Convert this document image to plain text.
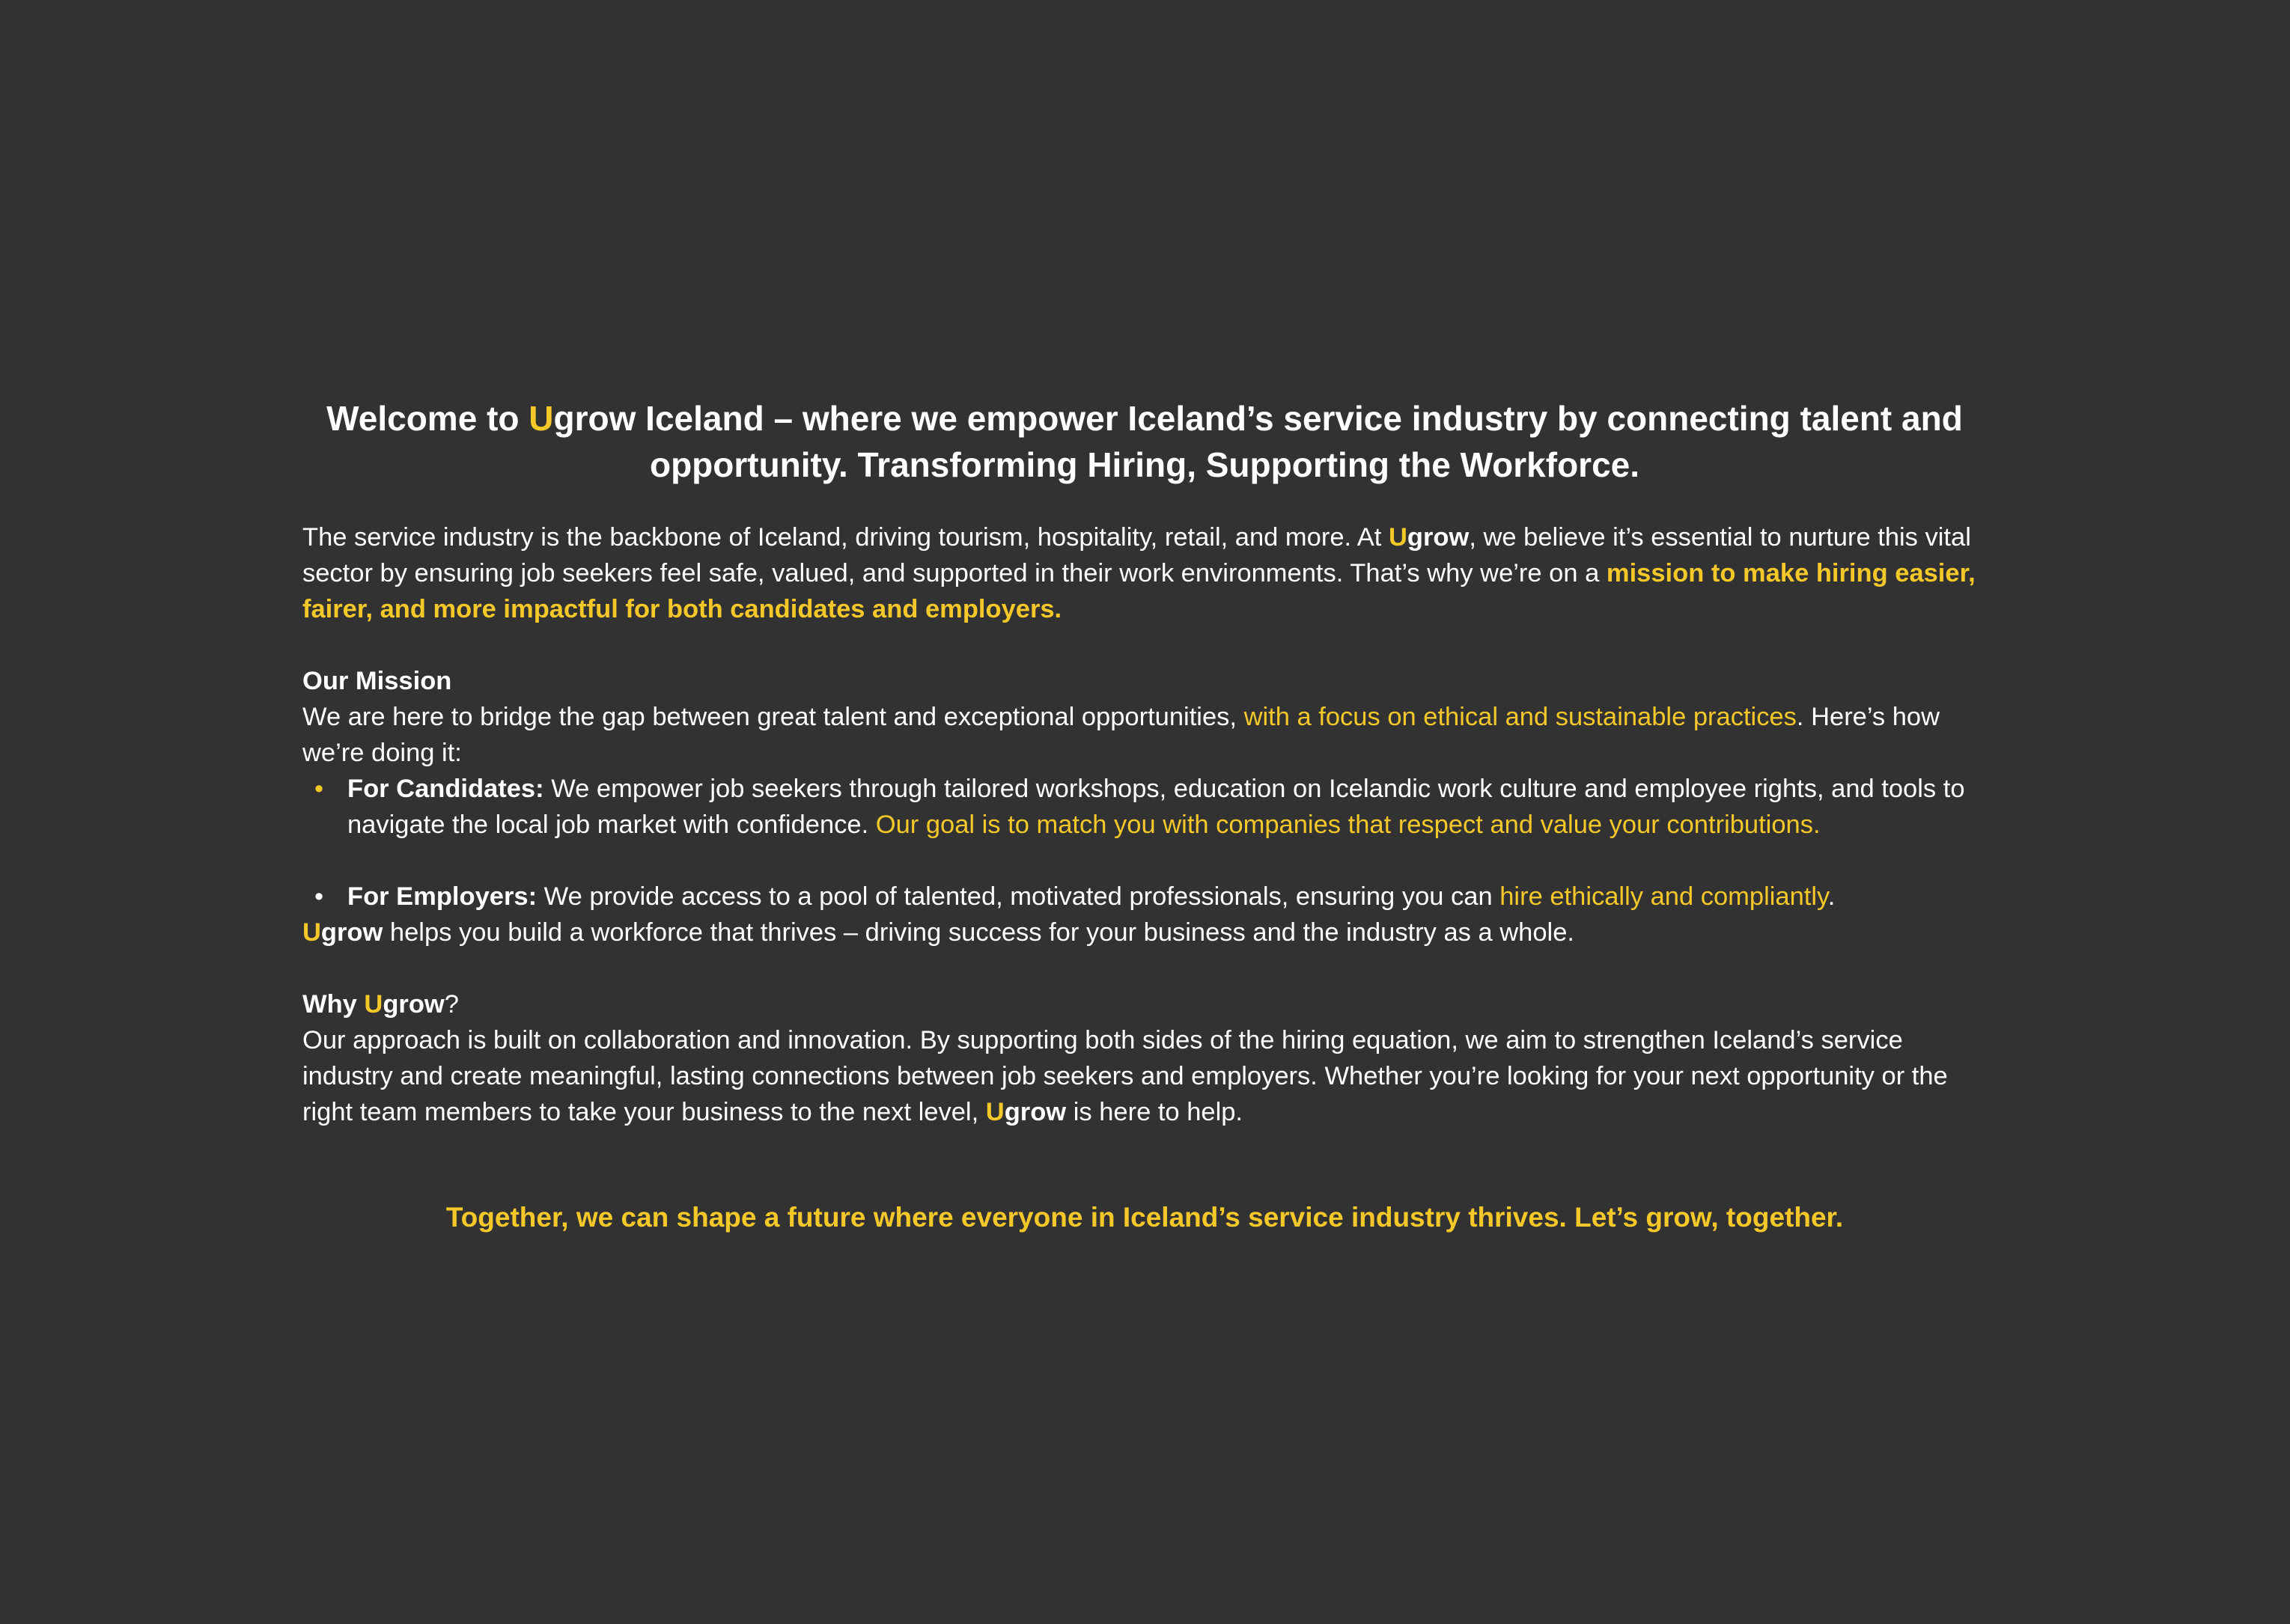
Welcome to Ugrow Iceland – where we empower Iceland’s service industry by connecting talent and opportunity. Transforming Hiring, Supporting the Workforce.

The service industry is the backbone of Iceland, driving tourism, hospitality, retail, and more. At Ugrow, we believe it’s essential to nurture this vital sector by ensuring job seekers feel safe, valued, and supported in their work environments. That’s why we’re on a mission to make hiring easier, fairer, and more impactful for both candidates and employers.

Our Mission

We are here to bridge the gap between great talent and exceptional opportunities, with a focus on ethical and sustainable practices. Here’s how we’re doing it:

• For Candidates: We empower job seekers through tailored workshops, education on Icelandic work culture and employee rights, and tools to navigate the local job market with confidence. Our goal is to match you with companies that respect and value your contributions.
• For Employers: We provide access to a pool of talented, motivated professionals, ensuring you can hire ethically and compliantly.

Ugrow helps you build a workforce that thrives – driving success for your business and the industry as a whole.

Why Ugrow?

Our approach is built on collaboration and innovation. By supporting both sides of the hiring equation, we aim to strengthen Iceland’s service industry and create meaningful, lasting connections between job seekers and employers. Whether you’re looking for your next opportunity or the right team members to take your business to the next level, Ugrow is here to help.

Together, we can shape a future where everyone in Iceland’s service industry thrives. Let’s grow, together.
